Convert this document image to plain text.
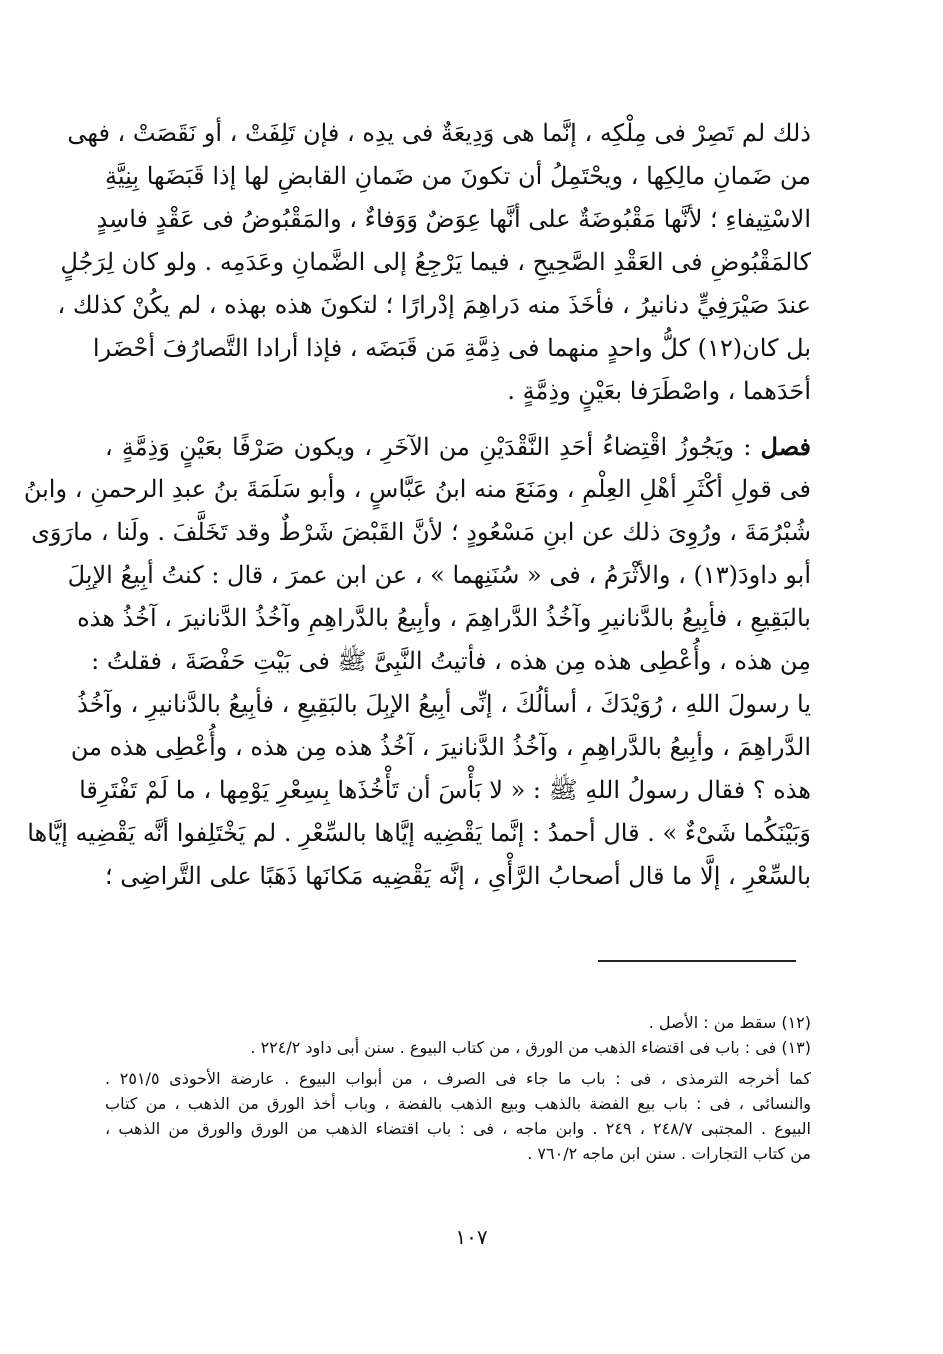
ذلك لم تَصِرْ فى مِلْكِه ، إنَّما هى وَدِيعَةٌ فى يدِه ، فإن تَلِفَتْ ، أو نَقَصَتْ ، فهى
من ضَمانِ مالِكِها ، ويحْتَمِلُ أن تكونَ من ضَمانِ القابضِ لها إذا قَبَضَها بِنِيَّةِ
الاسْتِيفاءِ ؛ لأنَّها مَقْبُوضَةٌ على أنَّها عِوَضٌ وَوَفاءٌ ، والمَقْبُوضُ فى عَقْدٍ فاسِدٍ
كالمَقْبُوضِ فى العَقْدِ الصَّحِيحِ ، فيما يَرْجِعُ إلى الضَّمانِ وعَدَمِه . ولو كان لِرَجُلٍ
عندَ صَيْرَفِيٍّ دنانيرُ ، فأخَذَ منه دَراهِمَ إدْرارًا ؛ لتكونَ هذه بهذه ، لم يكُنْ كذلك ،
بل كان(١٢) كلُّ واحدٍ منهما فى ذِمَّةِ مَن قَبَضَه ، فإذا أرادا التَّصارُفَ أحْضَرا
أحَدَهما ، واصْطَرَفا بعَيْنٍ وذِمَّةٍ .
فصل : ويَجُوزُ اقْتِضاءُ أحَدِ النَّقْدَيْنِ من الآخَرِ ، ويكون صَرْفًا بعَيْنٍ وَذِمَّةٍ ،
فى قولِ أكْثَرِ أهْلِ العِلْمِ ، ومَنَعَ منه ابنُ عَبَّاسٍ ، وأبو سَلَمَةَ بنُ عبدِ الرحمنِ ، وابنُ
شُبْرُمَةَ ، ورُوِىَ ذلك عن ابنِ مَسْعُودٍ ؛ لأنَّ القَبْضَ شَرْطٌ وقد تَخَلَّفَ . ولَنا ، مارَوَى
أبو داودَ(١٣) ، والأثْرَمُ ، فى « سُنَنِهما » ، عن ابن عمرَ ، قال : كنتُ أبِيعُ الإبِلَ
بالبَقِيعِ ، فأبِيعُ بالدَّنانيرِ وآخُذُ الدَّراهِمَ ، وأبِيعُ بالدَّراهِمِ وآخُذُ الدَّنانيرَ ، آخُذُ هذه
مِن هذه ، وأُعْطِى هذه مِن هذه ، فأتيتُ النَّبِىَّ ﷺ فى بَيْتِ حَفْصَةَ ، فقلتُ :
يا رسولَ اللهِ ، رُوَيْدَكَ ، أسألُكَ ، إنِّى أبِيعُ الإبِلَ بالبَقِيعِ ، فأبِيعُ بالدَّنانيرِ ، وآخُذُ
الدَّراهِمَ ، وأبِيعُ بالدَّراهِمِ ، وآخُذُ الدَّنانيرَ ، آخُذُ هذه مِن هذه ، وأُعْطِى هذه من
هذه ؟ فقال رسولُ اللهِ ﷺ : « لا بَأْسَ أن تَأْخُذَها بِسِعْرِ يَوْمِها ، ما لَمْ تَفْتَرِقا
وَبَيْنَكُما شَىْءٌ » . قال أحمدُ : إنَّما يَقْضِيه إيَّاها بالسِّعْرِ . لم يَخْتَلِفوا أنَّه يَقْضِيه إيَّاها
بالسِّعْرِ ، إلَّا ما قال أصحابُ الرَّأْىِ ، إنَّه يَقْضِيه مَكانَها ذَهَبًا على التَّراضِى ؛
(١٢) سقط من : الأصل .
(١٣) فى : باب فى اقتضاء الذهب من الورق ، من كتاب البيوع . سنن أبى داود ٢٢٤/٢ .
كما أخرجه الترمذى ، فى : باب ما جاء فى الصرف ، من أبواب البيوع . عارضة الأحوذى ٢٥١/٥ .
والنسائى ، فى : باب بيع الفضة بالذهب وبيع الذهب بالفضة ، وباب أخذ الورق من الذهب ، من كتاب
البيوع . المجتبى ٢٤٨/٧ ، ٢٤٩ . وابن ماجه ، فى : باب اقتضاء الذهب من الورق والورق من الذهب ،
من كتاب التجارات . سنن ابن ماجه ٧٦٠/٢ .
١٠٧
